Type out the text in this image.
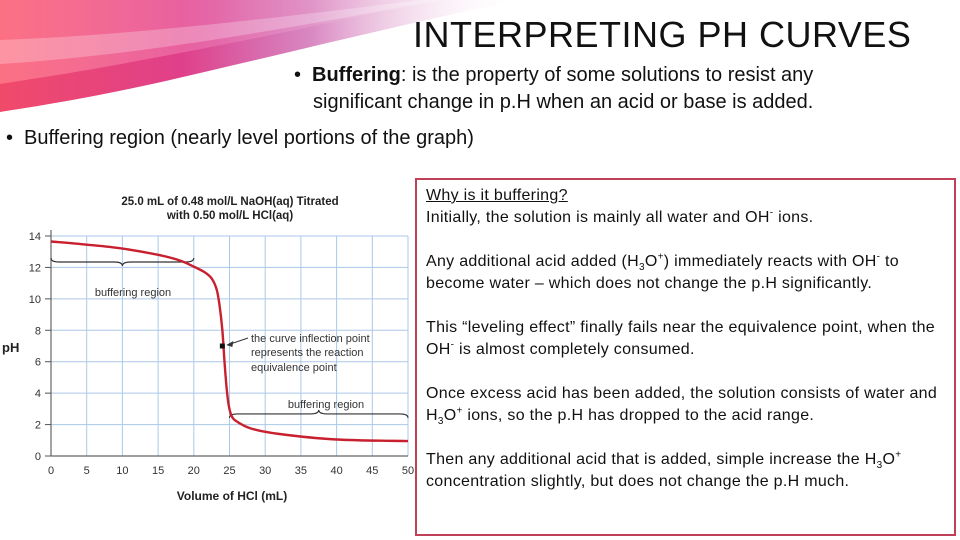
INTERPRETING PH CURVES
• Buffering: is the property of some solutions to resist any
significant change in p.H when an acid or base is added.
• Buffering region (nearly level portions of the graph)
25.0 mL of 0.48 mol/L NaOH(aq) Titrated
with 0.50 mol/L HCl(aq)
0	5 10 15 20 25 30 35 40 45 50
0
2
4
6
8
10
12
14
pH
Volume of HCl (mL)
buffering region
the curve inflection point
represents the reaction
equivalence point
buffering region
Why is it buffering?

Initially, the solution is mainly all water and OH- ions.

Any additional acid added $(H_3O^+)$ immediately reacts with OH- to become water – which does not change the p.H significantly.

This “leveling effect” finally fails near the equivalence point, when the OH- is almost completely consumed.

Once excess acid has been added, the solution consists of water and $H_3O^+$ ions, so the p.H has dropped to the acid range.

Then any additional acid that is added, simple increase the $H_3O^+$ concentration slightly, but does not change the p.H much.
